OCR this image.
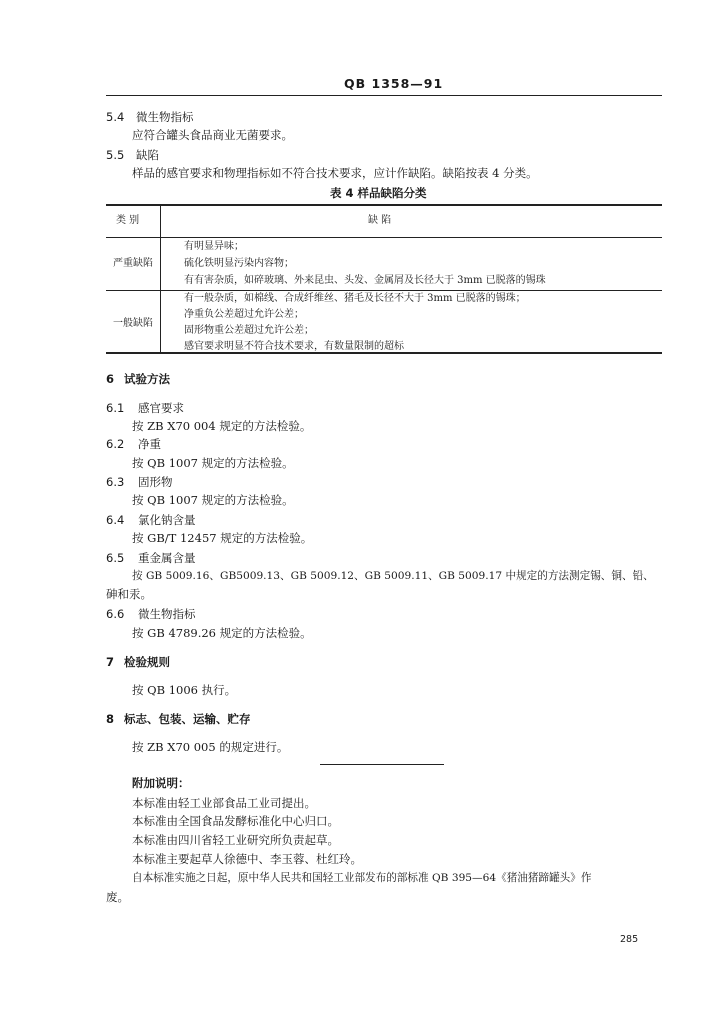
QB 1358—91
5.4 微生物指标
应符合罐头食品商业无菌要求。
5.5 缺陷
样品的感官要求和物理指标如不符合技术要求，应计作缺陷。缺陷按表 4 分类。
表 4 样品缺陷分类
类 别	缺 陷
严重缺陷
有明显异味；
硫化铁明显污染内容物；
有有害杂质，如碎玻璃、外来昆虫、头发、金属屑及长径大于 3mm 已脱落的锡珠
一般缺陷
有一般杂质，如棉线、合成纤维丝、猪毛及长径不大于 3mm 已脱落的锡珠；
净重负公差超过允许公差；
固形物重公差超过允许公差；
感官要求明显不符合技术要求，有数量限制的超标
6 试验方法
6.1 感官要求
按 ZB X70 004 规定的方法检验。
6.2 净重
按 QB 1007 规定的方法检验。
6.3 固形物
按 QB 1007 规定的方法检验。
6.4 氯化钠含量
按 GB/T 12457 规定的方法检验。
6.5 重金属含量
按 GB 5009.16、GB5009.13、GB 5009.12、GB 5009.11、GB 5009.17 中规定的方法测定锡、铜、铅、
砷和汞。
6.6 微生物指标
按 GB 4789.26 规定的方法检验。
7 检验规则
按 QB 1006 执行。
8 标志、包装、运输、贮存
按 ZB X70 005 的规定进行。
附加说明：
本标准由轻工业部食品工业司提出。
本标准由全国食品发酵标准化中心归口。
本标准由四川省轻工业研究所负责起草。
本标准主要起草人徐德中、李玉蓉、杜红玲。
自本标准实施之日起，原中华人民共和国轻工业部发布的部标准 QB 395—64《猪油猪蹄罐头》作
废。
285
